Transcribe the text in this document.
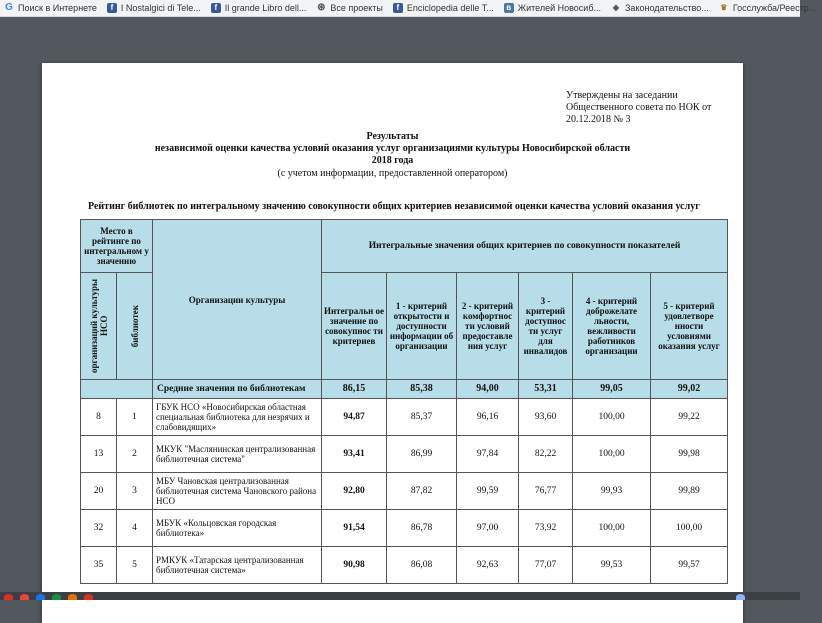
G Поиск в Интернете	f I Nostalgici di Tele...	f Il grande Libro dell... ⊛ Все проекты	f Enciclopedia delle T...	в Жителей Новосиб... ◆ Законодательство... ♛ Госслужба/Реестр...
Утверждены на заседании
Общественного совета по НОК от
20.12.2018 № 3
Результаты
независимой оценки качества условий оказания услуг организациями культуры Новосибирской области
2018 года
(с учетом информации, предоставленной оператором)
Рейтинг библиотек по интегральному значению совокупности общих критериев независимой оценки качества условий оказания услуг
Место в рейтинге по интегральном у значению		Организации культуры	Интегральные значения общих критериев по совокупности показателей					

организаций культуры НСО	библиотек		Интегральн ое значение по совокупнос ти критериев	1 - критерий открытости и доступности информации об организации	2 - критерий комфортнос ти условий предоставле ния услуг	3 - критерий доступнос ти услуг для инвалидов	4 - критерий доброжелате льности, вежливости работников организации	5 - критерий удовлетворе нности условиями оказания услуг
		Средние значения по библиотекам	86,15	85,38	94,00	53,31	99,05	99,02
8	1	ГБУК НСО «Новосибирская областная специальная библиотека для незрячих и слабовидящих»	94,87	85,37	96,16	93,60	100,00	99,22
13	2	МКУК "Маслянинская централизованная библиотечная система"	93,41	86,99	97,84	82,22	100,00	99,98
20	3	МБУ Чановская централизованная библиотечная система Чановского района НСО	92,80	87,82	99,59	76,77	99,93	99,89
32	4	МБУК «Кольцовская городская библиотека»	91,54	86,78	97,00	73,92	100,00	100,00
35	5	РМКУК «Татарская централизованная библиотечная система»	90,98	86,08	92,63	77,07	99,53	99,57
